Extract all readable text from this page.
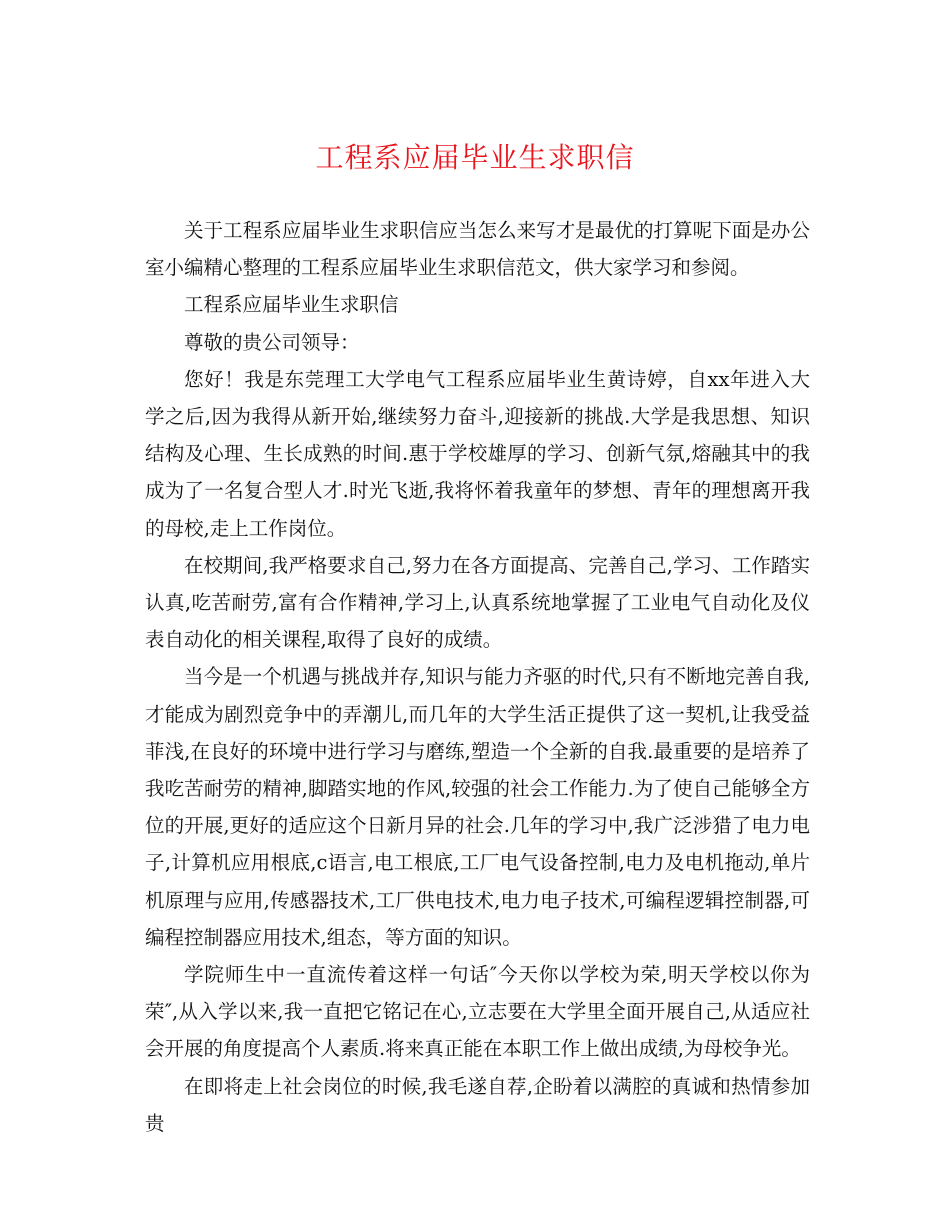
工程系应届毕业生求职信

关于工程系应届毕业生求职信应当怎么来写才是最优的打算呢下面是办公室小编精心整理的工程系应届毕业生求职信范文，供大家学习和参阅。

工程系应届毕业生求职信

尊敬的贵公司领导：

您好！我是东莞理工大学电气工程系应届毕业生黄诗婷，自xx年进入大学之后,因为我得从新开始,继续努力奋斗,迎接新的挑战.大学是我思想、知识结构及心理、生长成熟的时间.惠于学校雄厚的学习、创新气氛,熔融其中的我成为了一名复合型人才.时光飞逝,我将怀着我童年的梦想、青年的理想离开我的母校,走上工作岗位。

在校期间,我严格要求自己,努力在各方面提高、完善自己,学习、工作踏实认真,吃苦耐劳,富有合作精神,学习上,认真系统地掌握了工业电气自动化及仪表自动化的相关课程,取得了良好的成绩。

当今是一个机遇与挑战并存,知识与能力齐驱的时代,只有不断地完善自我,才能成为剧烈竞争中的弄潮儿,而几年的大学生活正提供了这一契机,让我受益菲浅,在良好的环境中进行学习与磨练,塑造一个全新的自我.最重要的是培养了我吃苦耐劳的精神,脚踏实地的作风,较强的社会工作能力.为了使自己能够全方位的开展,更好的适应这个日新月异的社会.几年的学习中,我广泛涉猎了电力电子,计算机应用根底,c语言,电工根底,工厂电气设备控制,电力及电机拖动,单片机原理与应用,传感器技术,工厂供电技术,电力电子技术,可编程逻辑控制器,可编程控制器应用技术,组态，等方面的知识。

学院师生中一直流传着这样一句话″今天你以学校为荣,明天学校以你为荣″,从入学以来,我一直把它铭记在心,立志要在大学里全面开展自己,从适应社会开展的角度提高个人素质.将来真正能在本职工作上做出成绩,为母校争光。

在即将走上社会岗位的时候,我毛遂自荐,企盼着以满腔的真诚和热情参加贵
